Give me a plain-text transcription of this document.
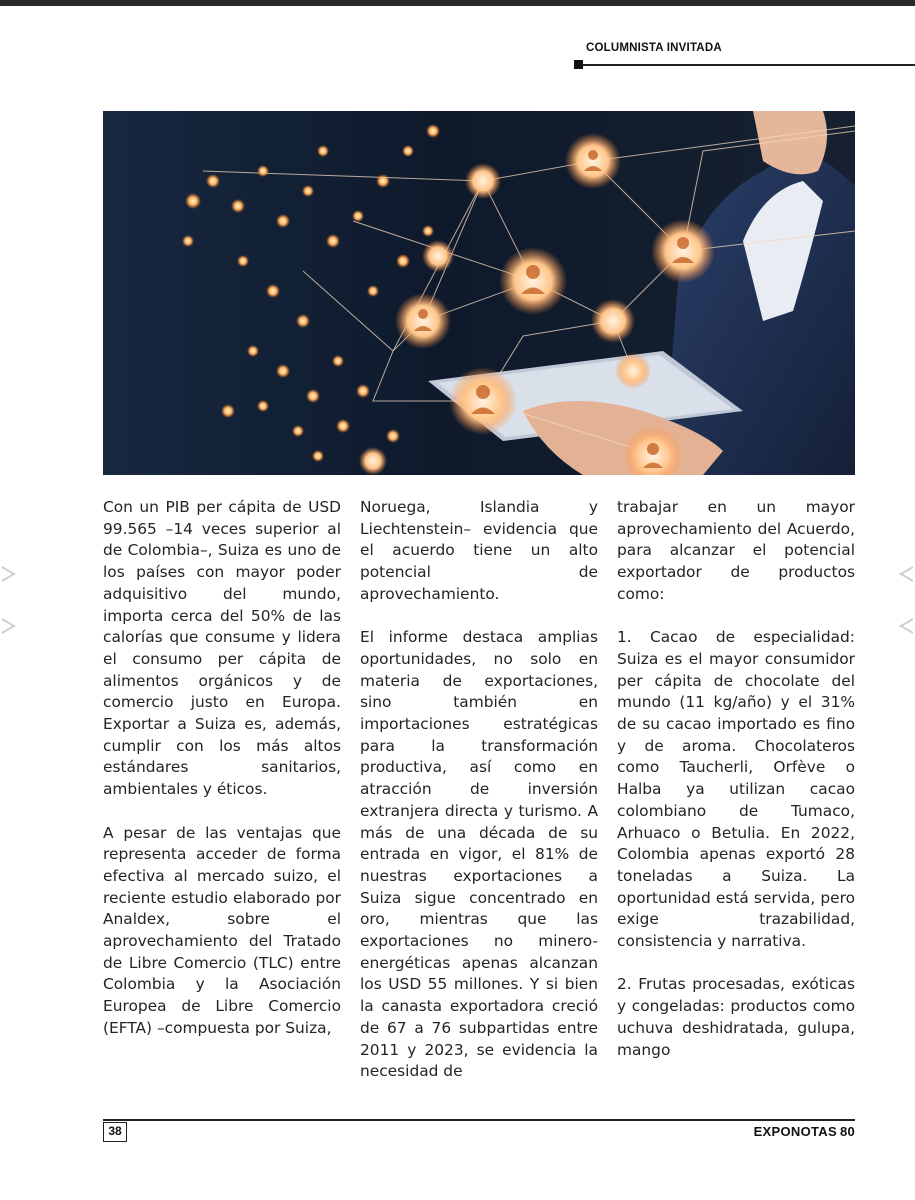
COLUMNISTA INVITADA

Con un PIB per cápita de USD 99.565 –14 veces superior al de Colombia–, Suiza es uno de los países con mayor poder adquisitivo del mundo, importa cerca del 50% de las calorías que consume y lidera el consumo per cápita de alimentos orgánicos y de comercio justo en Europa. Exportar a Suiza es, además, cumplir con los más altos estándares sanitarios, ambientales y éticos.

A pesar de las ventajas que representa acceder de forma efectiva al mercado suizo, el reciente estudio elaborado por Analdex, sobre el aprovechamiento del Tratado de Libre Comercio (TLC) entre Colombia y la Asociación Europea de Libre Comercio (EFTA) –compuesta por Suiza,

Noruega, Islandia y Liechtenstein– evidencia que el acuerdo tiene un alto potencial de aprovechamiento.

El informe destaca amplias oportunidades, no solo en materia de exportaciones, sino también en importaciones estratégicas para la transformación productiva, así como en atracción de inversión extranjera directa y turismo. A más de una década de su entrada en vigor, el 81% de nuestras exportaciones a Suiza sigue concentrado en oro, mientras que las exportaciones no minero-energéticas apenas alcanzan los USD 55 millones. Y si bien la canasta exportadora creció de 67 a 76 subpartidas entre 2011 y 2023, se evidencia la necesidad de

trabajar en un mayor aprovechamiento del Acuerdo, para alcanzar el potencial exportador de productos como:

1. Cacao de especialidad: Suiza es el mayor consumidor per cápita de chocolate del mundo (11 kg/año) y el 31% de su cacao importado es fino y de aroma. Chocolateros como Taucherli, Orfève o Halba ya utilizan cacao colombiano de Tumaco, Arhuaco o Betulia. En 2022, Colombia apenas exportó 28 toneladas a Suiza. La oportunidad está servida, pero exige trazabilidad, consistencia y narrativa.

2. Frutas procesadas, exóticas y congeladas: productos como uchuva deshidratada, gulupa, mango

38	EXPONOTAS 80
